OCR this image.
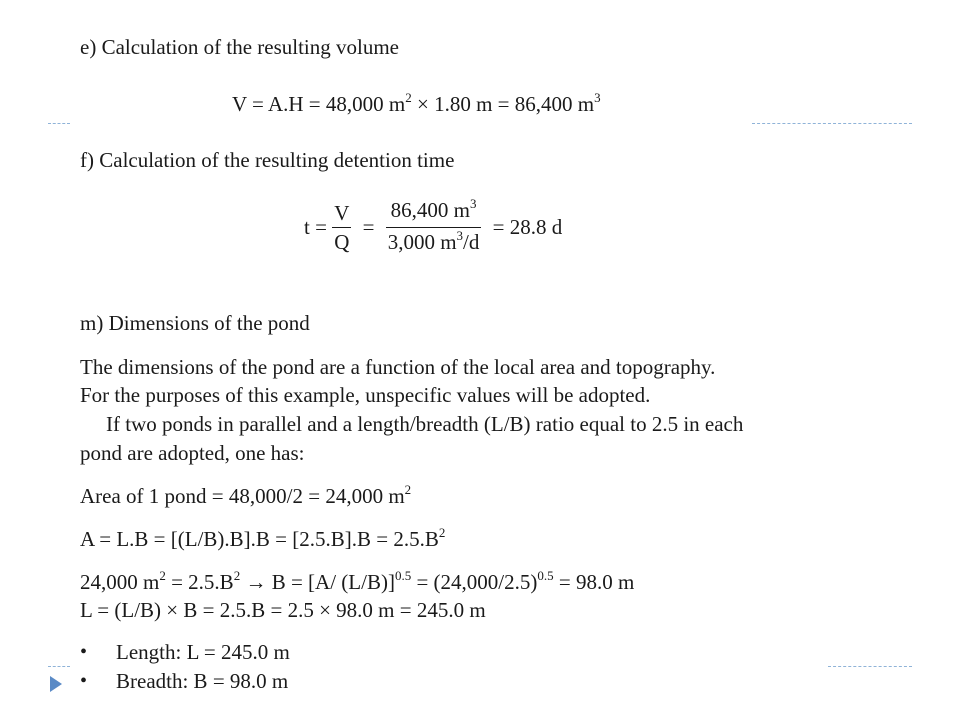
e) Calculation of the resulting volume
V = A.H = 48,000 $m^2 \times 1.80$ m = 86,400 $m^3$
f) Calculation of the resulting detention time
$t = \frac{V}{Q} = \frac{86,400 m^3}{3,000 m^3/d} = 28.8$ d
m) Dimensions of the pond
The dimensions of the pond are a function of the local area and topography.
For the purposes of this example, unspecific values will be adopted.
If two ponds in parallel and a length/breadth (L/B) ratio equal to 2.5 in each
pond are adopted, one has:
Area of 1 pond = 48,000/2 = 24,000 $m^2$
$A = L.B = [(L/B).B].B = [2.5.B].B = 2.5.B^2$
24,000 $m^2 = 2.5.B^2 \to B = [A/$ $(L/B)]^{0.5} = (24,000/2.5)^{0.5} = 98.0$ m
L = (L/B) × B = 2.5.B = 2.5 × 98.0 m = 245.0 m
• Length: L = 245.0 m
• Breadth: B = 98.0 m
